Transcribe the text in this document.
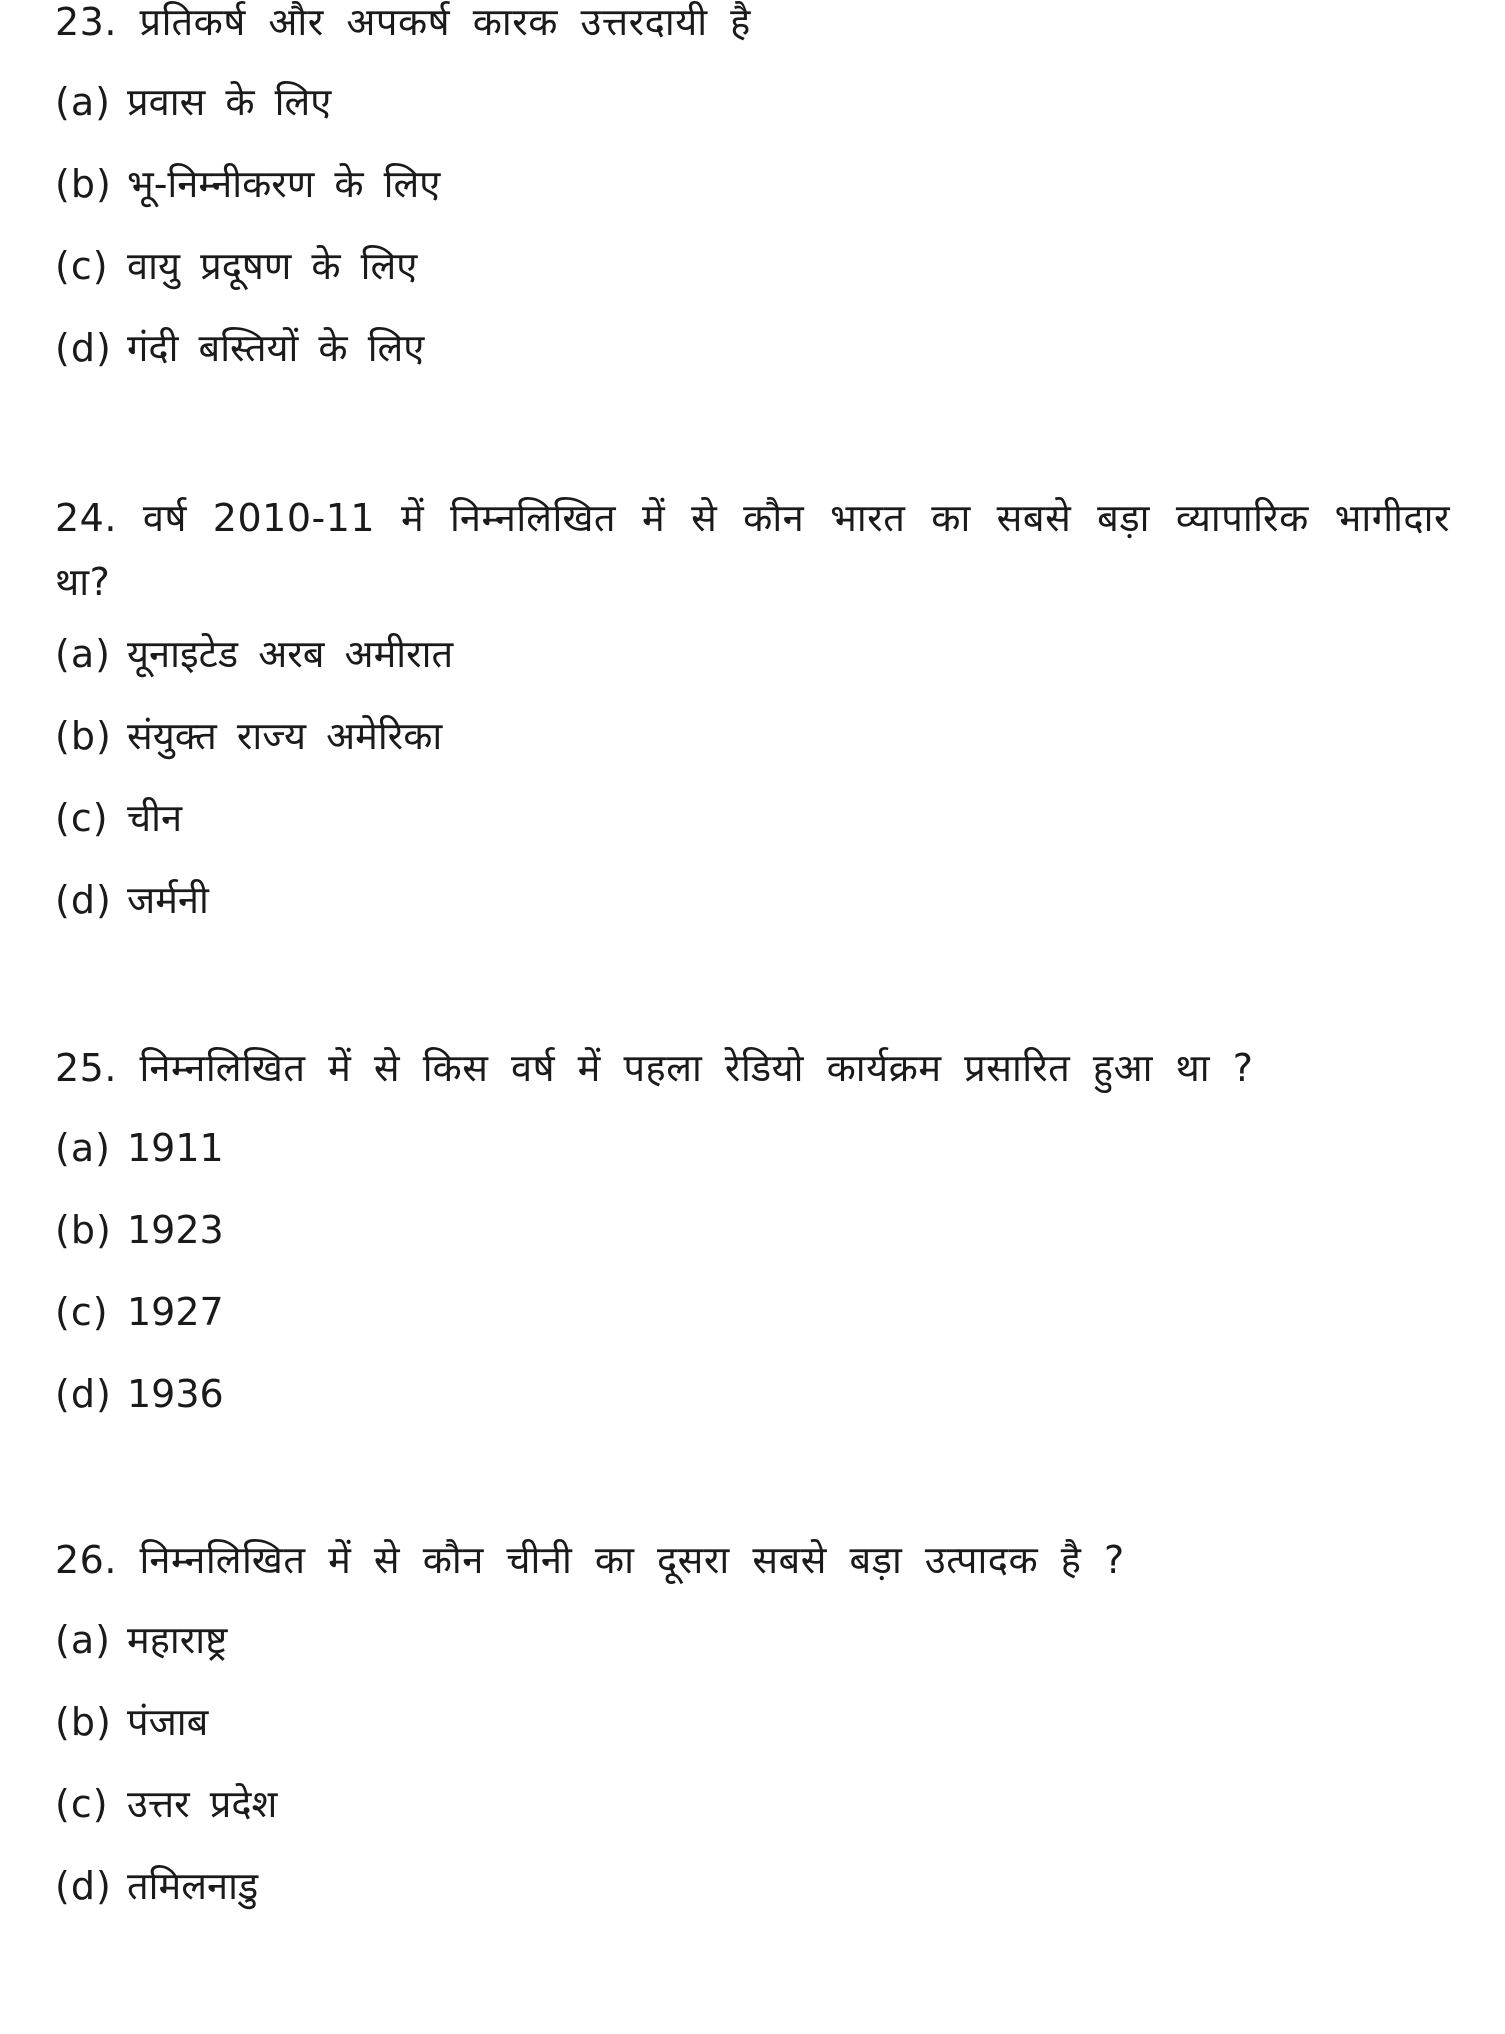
23. प्रतिकर्ष और अपकर्ष कारक उत्तरदायी है

(a) प्रवास के लिए
(b) भू-निम्नीकरण के लिए
(c) वायु प्रदूषण के लिए
(d) गंदी बस्तियों के लिए

24. वर्ष 2010-11 में निम्नलिखित में से कौन भारत का सबसे बड़ा व्यापारिक भागीदार था?

(a) यूनाइटेड अरब अमीरात
(b) संयुक्त राज्य अमेरिका
(c) चीन
(d) जर्मनी

25. निम्नलिखित में से किस वर्ष में पहला रेडियो कार्यक्रम प्रसारित हुआ था ?

(a) 1911
(b) 1923
(c) 1927
(d) 1936

26. निम्नलिखित में से कौन चीनी का दूसरा सबसे बड़ा उत्पादक है ?

(a) महाराष्ट्र
(b) पंजाब
(c) उत्तर प्रदेश
(d) तमिलनाडु
